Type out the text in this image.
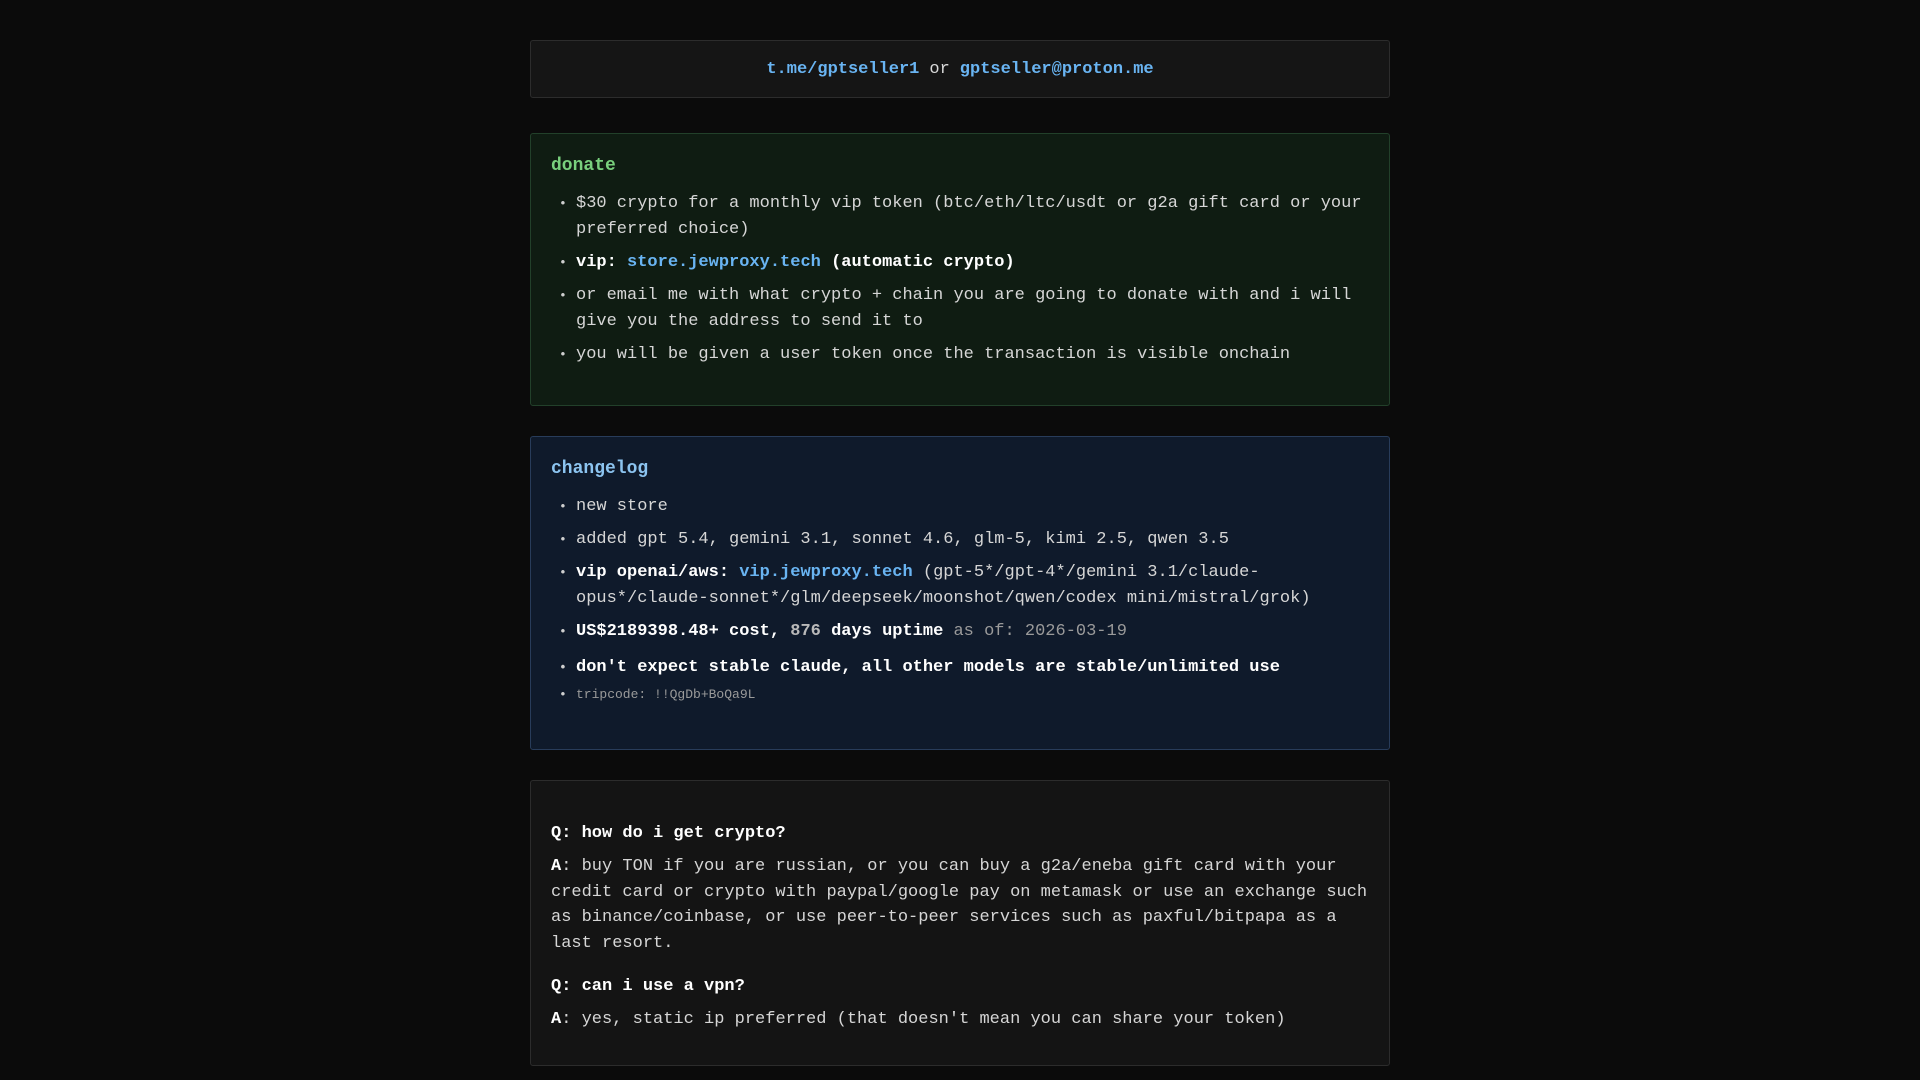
t.me/gptseller1 or gptseller@proton.me
donate
• $30 crypto for a monthly vip token (btc/eth/ltc/usdt or g2a gift card or your preferred choice)
• vip: store.jewproxy.tech (automatic crypto)
• or email me with what crypto + chain you are going to donate with and i will give you the address to send it to
• you will be given a user token once the transaction is visible onchain
changelog
• new store
• added gpt 5.4, gemini 3.1, sonnet 4.6, glm-5, kimi 2.5, qwen 3.5
• vip openai/aws: vip.jewproxy.tech (gpt-5*/gpt-4*/gemini 3.1/claude-opus*/claude-sonnet*/glm/deepseek/moonshot/qwen/codex mini/mistral/grok)
• US$2189398.48+ cost, 876 days uptime as of: 2026-03-19
• don't expect stable claude, all other models are stable/unlimited use
• tripcode: !!QgDb+BoQa9L

Q: how do i get crypto?

A: buy TON if you are russian, or you can buy a g2a/eneba gift card with your credit card or crypto with paypal/google pay on metamask or use an exchange such as binance/coinbase, or use peer-to-peer services such as paxful/bitpapa as a last resort.

Q: can i use a vpn?

A: yes, static ip preferred (that doesn't mean you can share your token)
